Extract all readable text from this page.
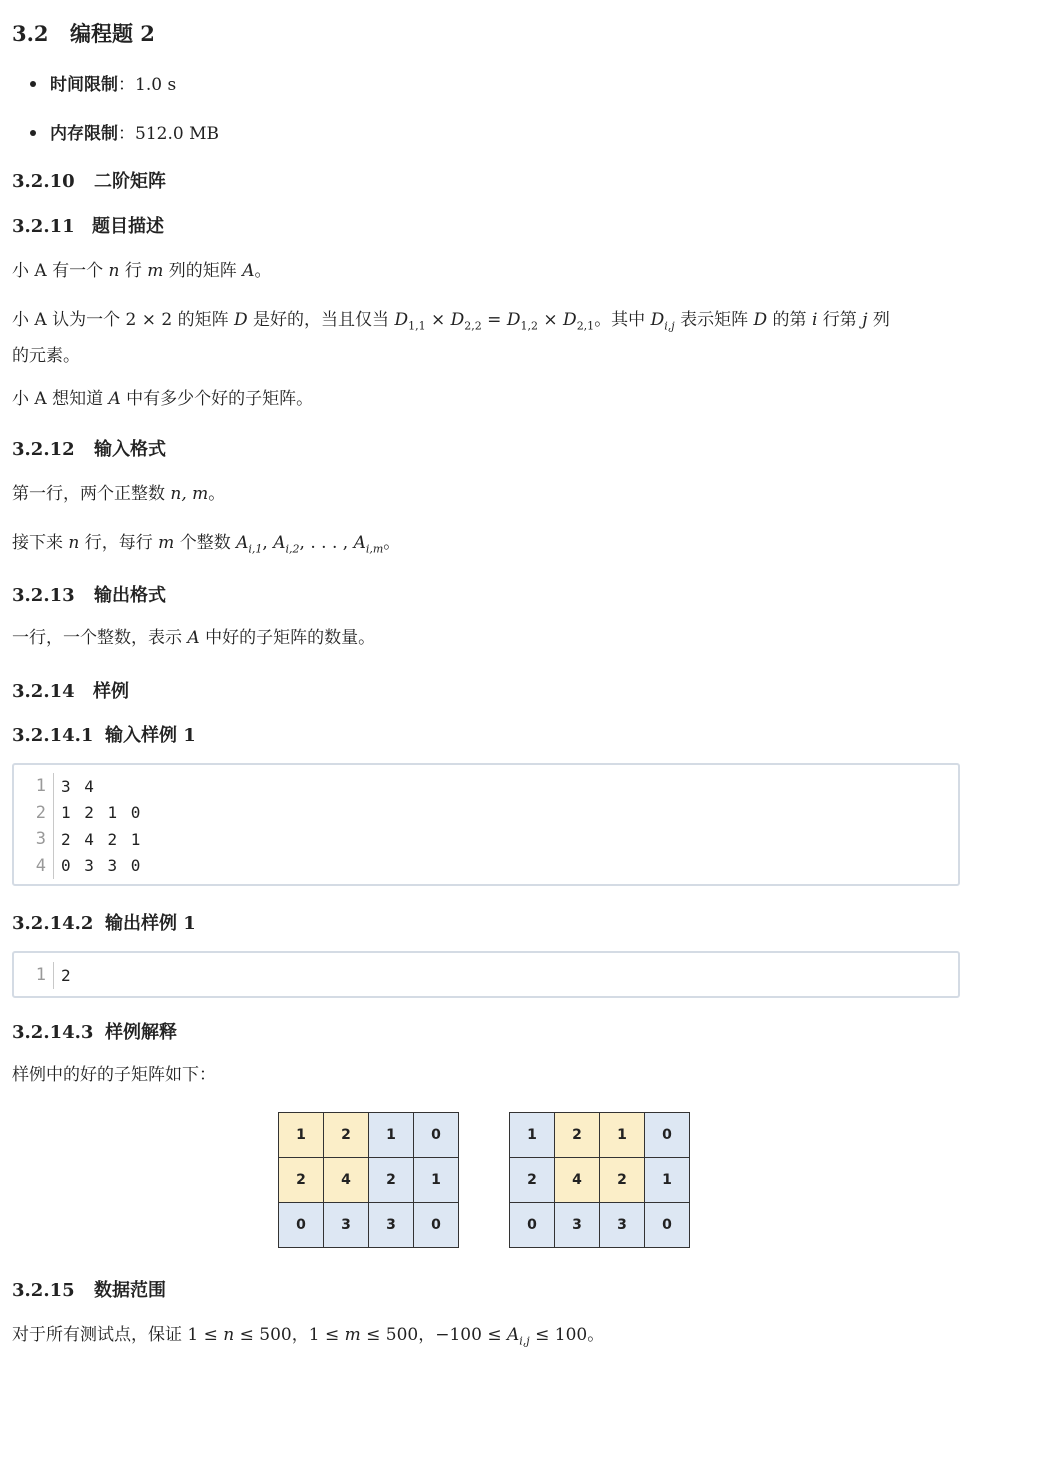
3.2 编程题 2
时间限制：1.0 s
内存限制：512.0 MB
3.2.10 二阶矩阵
3.2.11 题目描述
小 A 有一个 n 行 m 列的矩阵 A。
小 A 认为一个 2 × 2 的矩阵 D 是好的，当且仅当 $D_{1,1} \times D_{2,2} = D_{1,2} \times D_{2,1}$。其中 $D_{i,j}$ 表示矩阵 D 的第 i 行第 j 列
的元素。
小 A 想知道 A 中有多少个好的子矩阵。
3.2.12 输入格式
第一行，两个正整数 n, m。
接下来 n 行，每行 m 个整数 $A_{i,1}$, $A_{i,2}$, . . . , $A_{i,m}$。
3.2.13 输出格式
一行，一个整数，表示 A 中好的子矩阵的数量。
3.2.14 样例
3.2.14.1 输入样例 1
1 3 4
2 1 2 1 0
3 2 4 2 1
4 0 3 3 0
3.2.14.2 输出样例 1
1 2
3.2.14.3 样例解释
样例中的好的子矩阵如下：
1	2	1	0
2	4	2	1
0	3	3	0
1	2	1	0
2	4	2	1
0	3	3	0
3.2.15 数据范围
对于所有测试点，保证 1 ≤ n ≤ 500，1 ≤ m ≤ 500，$-100 \le A_{i,j} \le 100$。
